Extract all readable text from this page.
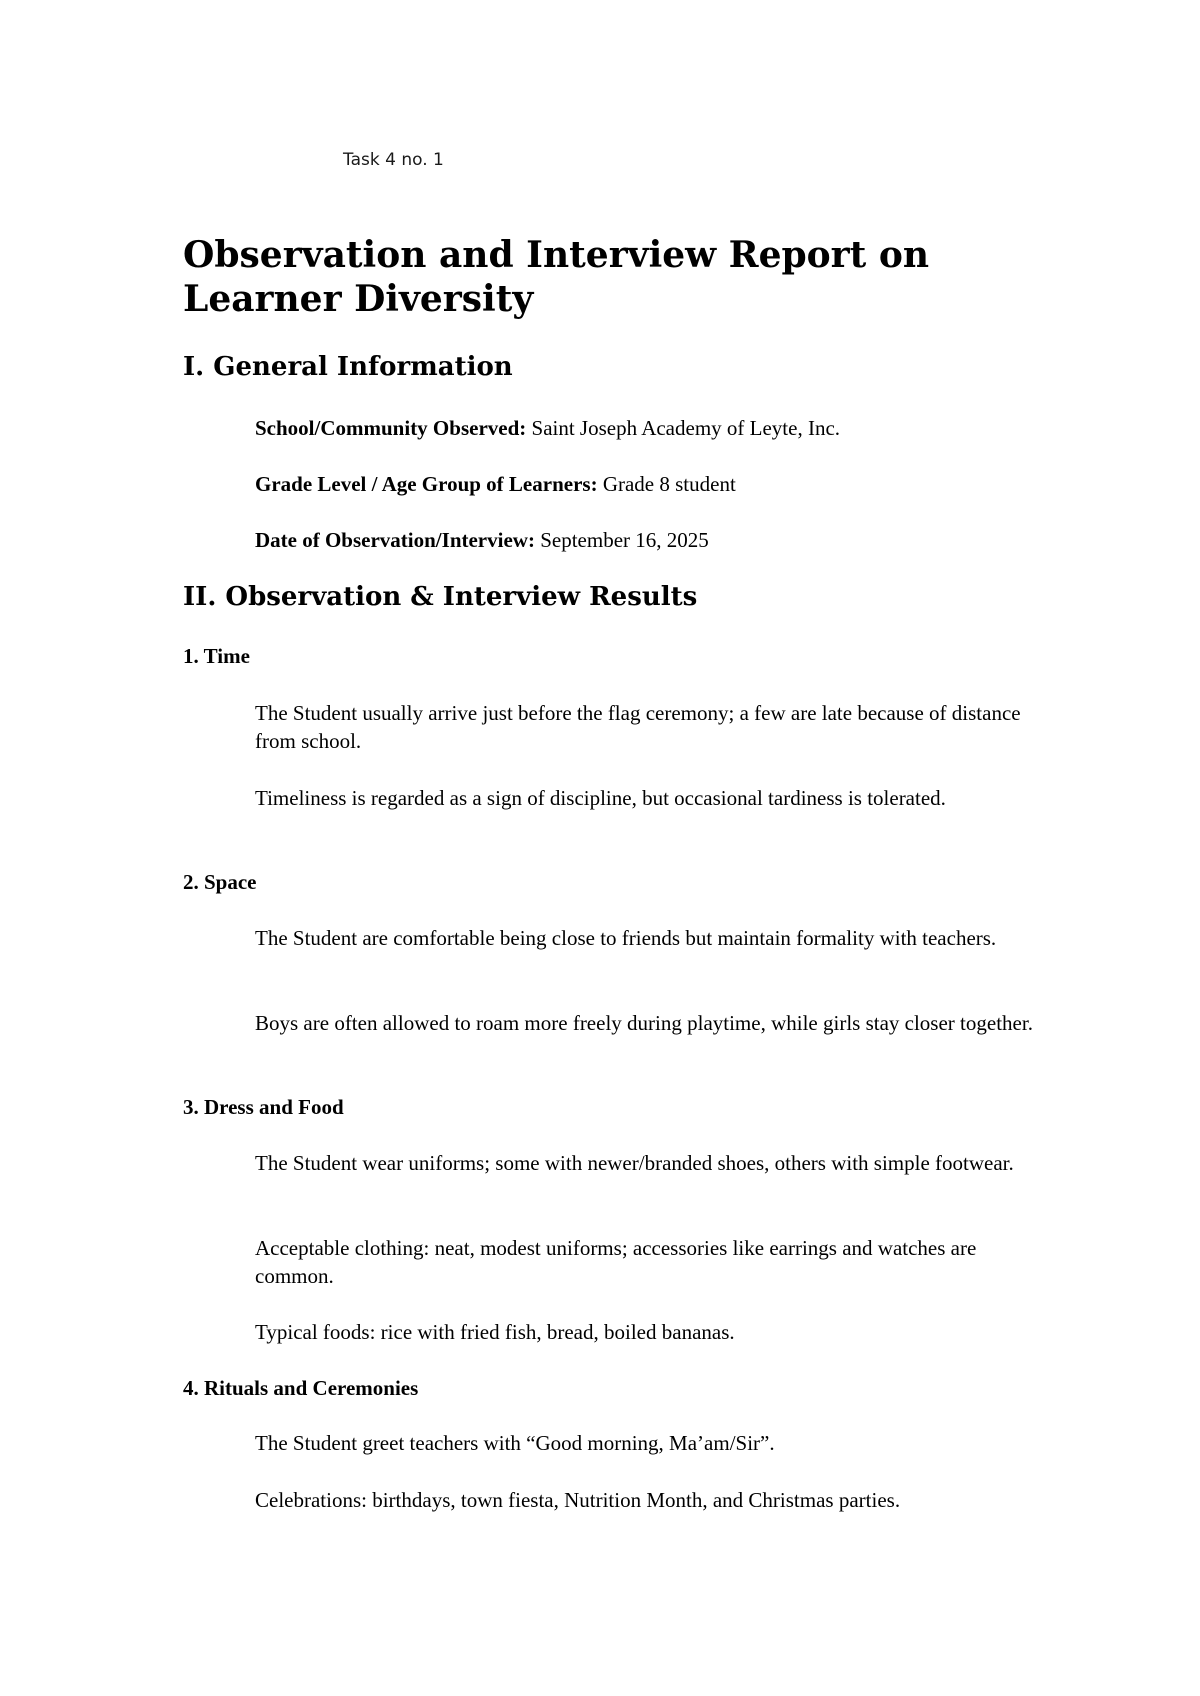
Task 4 no. 1
Observation and Interview Report on Learner Diversity
I. General Information

School/Community Observed: Saint Joseph Academy of Leyte, Inc.

Grade Level / Age Group of Learners: Grade 8 student

Date of Observation/Interview: September 16, 2025

II. Observation & Interview Results
1. Time

The Student usually arrive just before the flag ceremony; a few are late because of distance from school.

Timeliness is regarded as a sign of discipline, but occasional tardiness is tolerated.

2. Space

The Student are comfortable being close to friends but maintain formality with teachers.

Boys are often allowed to roam more freely during playtime, while girls stay closer together.

3. Dress and Food

The Student wear uniforms; some with newer/branded shoes, others with simple footwear.

Acceptable clothing: neat, modest uniforms; accessories like earrings and watches are common.

Typical foods: rice with fried fish, bread, boiled bananas.

4. Rituals and Ceremonies

The Student greet teachers with “Good morning, Ma’am/Sir”.

Celebrations: birthdays, town fiesta, Nutrition Month, and Christmas parties.
